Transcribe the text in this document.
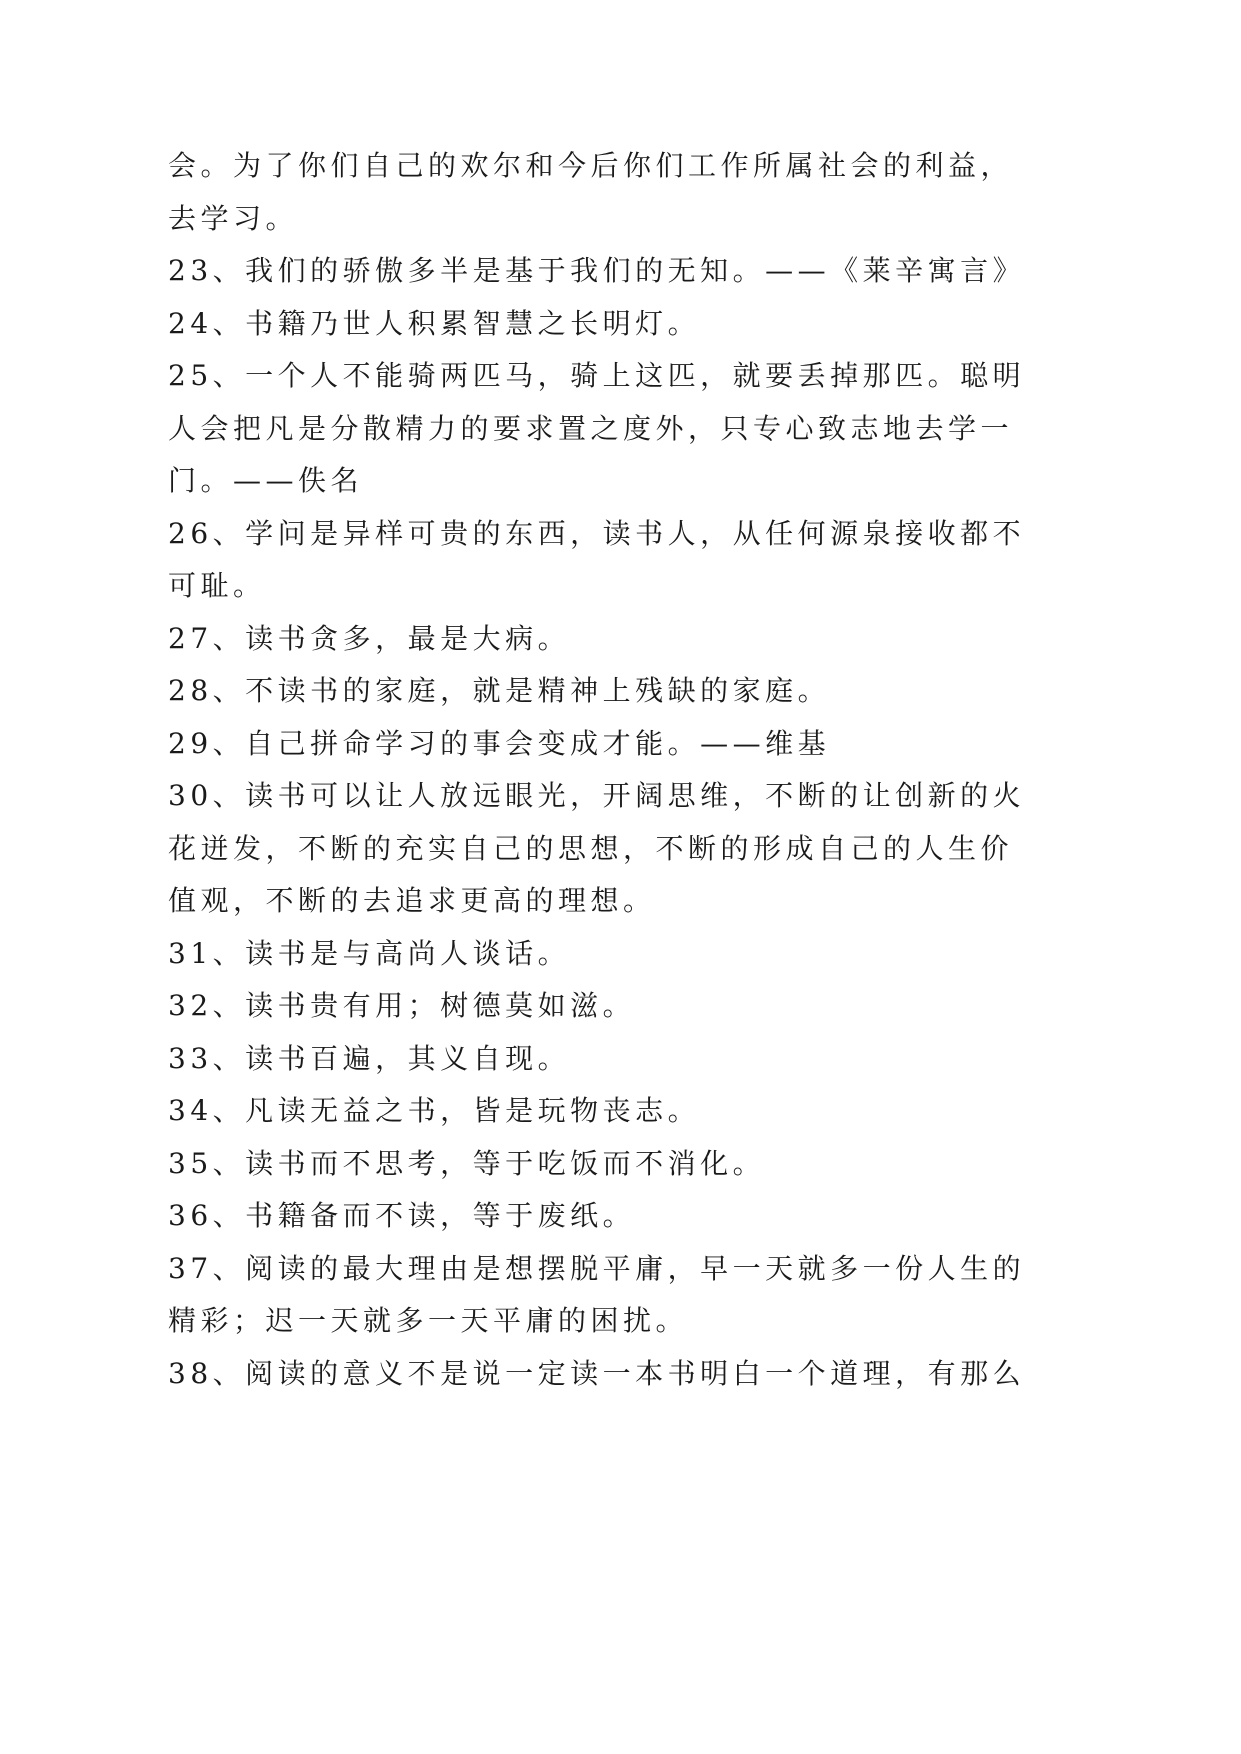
会。为了你们自己的欢尔和今后你们工作所属社会的利益，
去学习。

23、我们的骄傲多半是基于我们的无知。——《莱辛寓言》

24、书籍乃世人积累智慧之长明灯。

25、一个人不能骑两匹马，骑上这匹，就要丢掉那匹。聪明
人会把凡是分散精力的要求置之度外，只专心致志地去学一
门。——佚名

26、学问是异样可贵的东西，读书人，从任何源泉接收都不
可耻。

27、读书贪多，最是大病。

28、不读书的家庭，就是精神上残缺的家庭。

29、自己拼命学习的事会变成才能。——维基

30、读书可以让人放远眼光，开阔思维，不断的让创新的火
花迸发，不断的充实自己的思想，不断的形成自己的人生价
值观，不断的去追求更高的理想。

31、读书是与高尚人谈话。

32、读书贵有用；树德莫如滋。

33、读书百遍，其义自现。

34、凡读无益之书，皆是玩物丧志。

35、读书而不思考，等于吃饭而不消化。

36、书籍备而不读，等于废纸。

37、阅读的最大理由是想摆脱平庸，早一天就多一份人生的
精彩；迟一天就多一天平庸的困扰。

38、阅读的意义不是说一定读一本书明白一个道理，有那么
